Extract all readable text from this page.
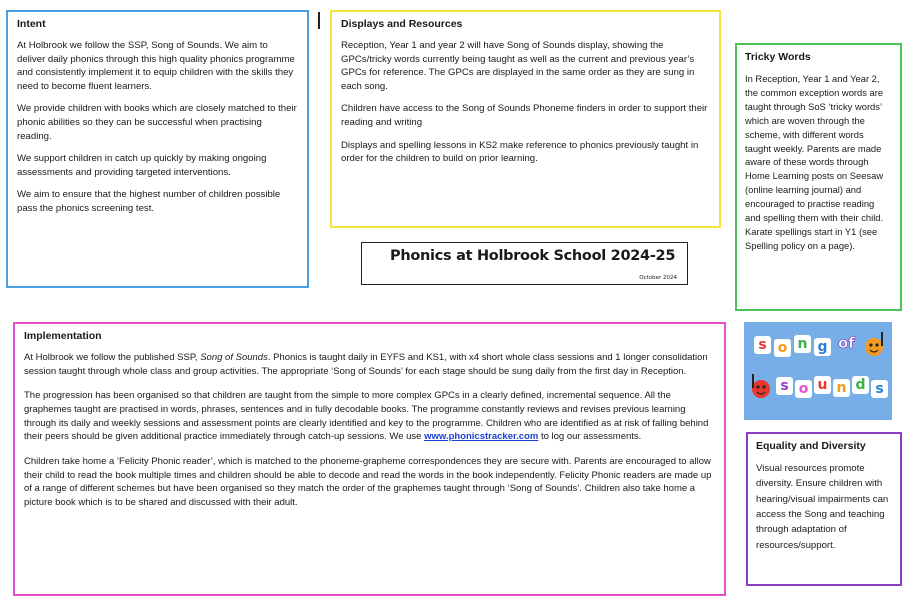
Intent

At Holbrook we follow the SSP, Song of Sounds. We aim to deliver daily phonics through this high quality phonics programme and consistently implement it to equip children with the skills they need to become fluent learners.

We provide children with books which are closely matched to their phonic abilities so they can be successful when practising reading.

We support children in catch up quickly by making ongoing assessments and providing targeted interventions.

We aim to ensure that the highest number of children possible pass the phonics screening test.

Displays and Resources

Reception, Year 1 and year 2 will have Song of Sounds display, showing the GPCs/tricky words currently being taught as well as the current and previous year’s GPCs for reference. The GPCs are displayed in the same order as they are sung in each song.

Children have access to the Song of Sounds Phoneme finders in order to support their reading and writing

Displays and spelling lessons in KS2 make reference to phonics previously taught in order for the children to build on prior learning.

Phonics at Holbrook School 2024-25
October 2024
Tricky Words

In Reception, Year 1 and Year 2, the common exception words are taught through SoS ‘tricky words’ which are woven through the scheme, with different words taught weekly. Parents are made aware of these words through Home Learning posts on Seesaw (online learning journal) and encouraged to practise reading and spelling them with their child. Karate spellings start in Y1 (see Spelling policy on a page).

s o n g of
s o u n d s
Implementation

At Holbrook we follow the published SSP, Song of Sounds. Phonics is taught daily in EYFS and KS1, with x4 short whole class sessions and 1 longer consolidation session taught through whole class and group activities. The appropriate ‘Song of Sounds’ for each stage should be sung daily from the first day in Reception.

The progression has been organised so that children are taught from the simple to more complex GPCs in a clearly defined, incremental sequence. All the graphemes taught are practised in words, phrases, sentences and in fully decodable books. The programme constantly reviews and revises previous learning through its daily and weekly sessions and assessment points are clearly identified and key to the programme. Children who are identified as at risk of falling behind their peers should be given additional practice immediately through catch-up sessions. We use www.phonicstracker.com to log our assessments.

Children take home a ‘Felicity Phonic reader’, which is matched to the phoneme-grapheme correspondences they are secure with. Parents are encouraged to allow their child to read the book multiple times and children should be able to decode and read the words in the book independently. Felicity Phonic readers are made up of a range of different schemes but have been organised so they match the order of the graphemes taught through ‘Song of Sounds’. Children also take home a picture book which is to be shared and discussed with their adult.

Equality and Diversity

Visual resources promote diversity. Ensure children with hearing/visual impairments can access the Song and teaching through adaptation of resources/support.
